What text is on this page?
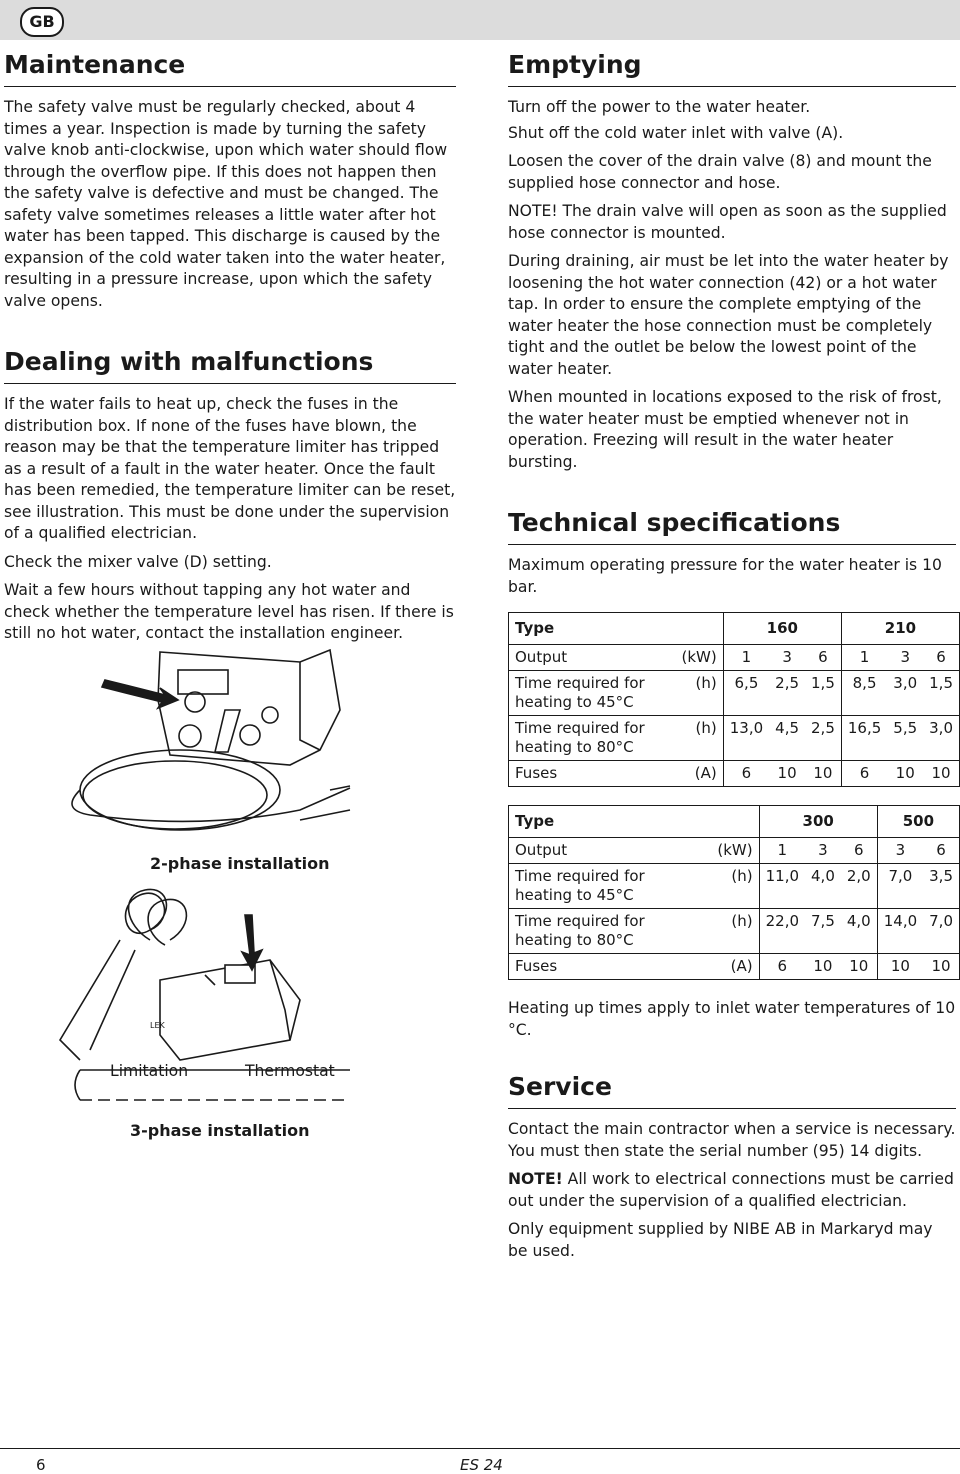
GB
Maintenance

The safety valve must be regularly checked, about 4 times a year. Inspection is made by turning the safety valve knob anti-clockwise, upon which water should flow through the overflow pipe. If this does not happen then the safety valve is defective and must be changed. The safety valve sometimes releases a little water after hot water has been tapped. This discharge is caused by the expansion of the cold water taken into the water heater, resulting in a pressure increase, upon which the safety valve opens.

Dealing with malfunctions

If the water fails to heat up, check the fuses in the distribution box. If none of the fuses have blown, the reason may be that the temperature limiter has tripped as a result of a fault in the water heater. Once the fault has been remedied, the temperature limiter can be reset, see illustration. This must be done under the supervision of a qualified electrician.

Check the mixer valve (D) setting.

Wait a few hours without tapping any hot water and check whether the temperature level has risen. If there is still no hot water, contact the installation engineer.

LEK
2-phase installation
Limitation	Thermostat
3-phase installation
Emptying

Turn off the power to the water heater.

Shut off the cold water inlet with valve (A).

Loosen the cover of the drain valve (8) and mount the supplied hose connector and hose.

NOTE! The drain valve will open as soon as the supplied hose connector is mounted.

During draining, air must be let into the water heater by loosening the hot water connection (42) or a hot water tap. In order to ensure the complete emptying of the water heater the hose connection must be completely tight and the outlet be below the lowest point of the water heater.

When mounted in locations exposed to the risk of frost, the water heater must be emptied whenever not in operation. Freezing will result in the water heater bursting.

Technical specifications

Maximum operating pressure for the water heater is 10 bar.

Type		160			210		
Output	(kW)	1	3	6	1	3	6
Time required for heating to 45°C	(h)	6,5	2,5	1,5	8,5	3,0	1,5
Time required for heating to 80°C	(h)	13,0	4,5	2,5	16,5	5,5	3,0
Fuses	(A)	6	10	10	6	10	10
Type		300			500	
Output	(kW)	1	3	6	3	6
Time required for heating to 45°C	(h)	11,0	4,0	2,0	7,0	3,5
Time required for heating to 80°C	(h)	22,0	7,5	4,0	14,0	7,0
Fuses	(A)	6	10	10	10	10

Heating up times apply to inlet water temperatures of 10 °C.

Service

Contact the main contractor when a service is necessary. You must then state the serial number (95) 14 digits.

NOTE! All work to electrical connections must be carried out under the supervision of a qualified electrician.

Only equipment supplied by NIBE AB in Markaryd may be used.

6	ES 24
